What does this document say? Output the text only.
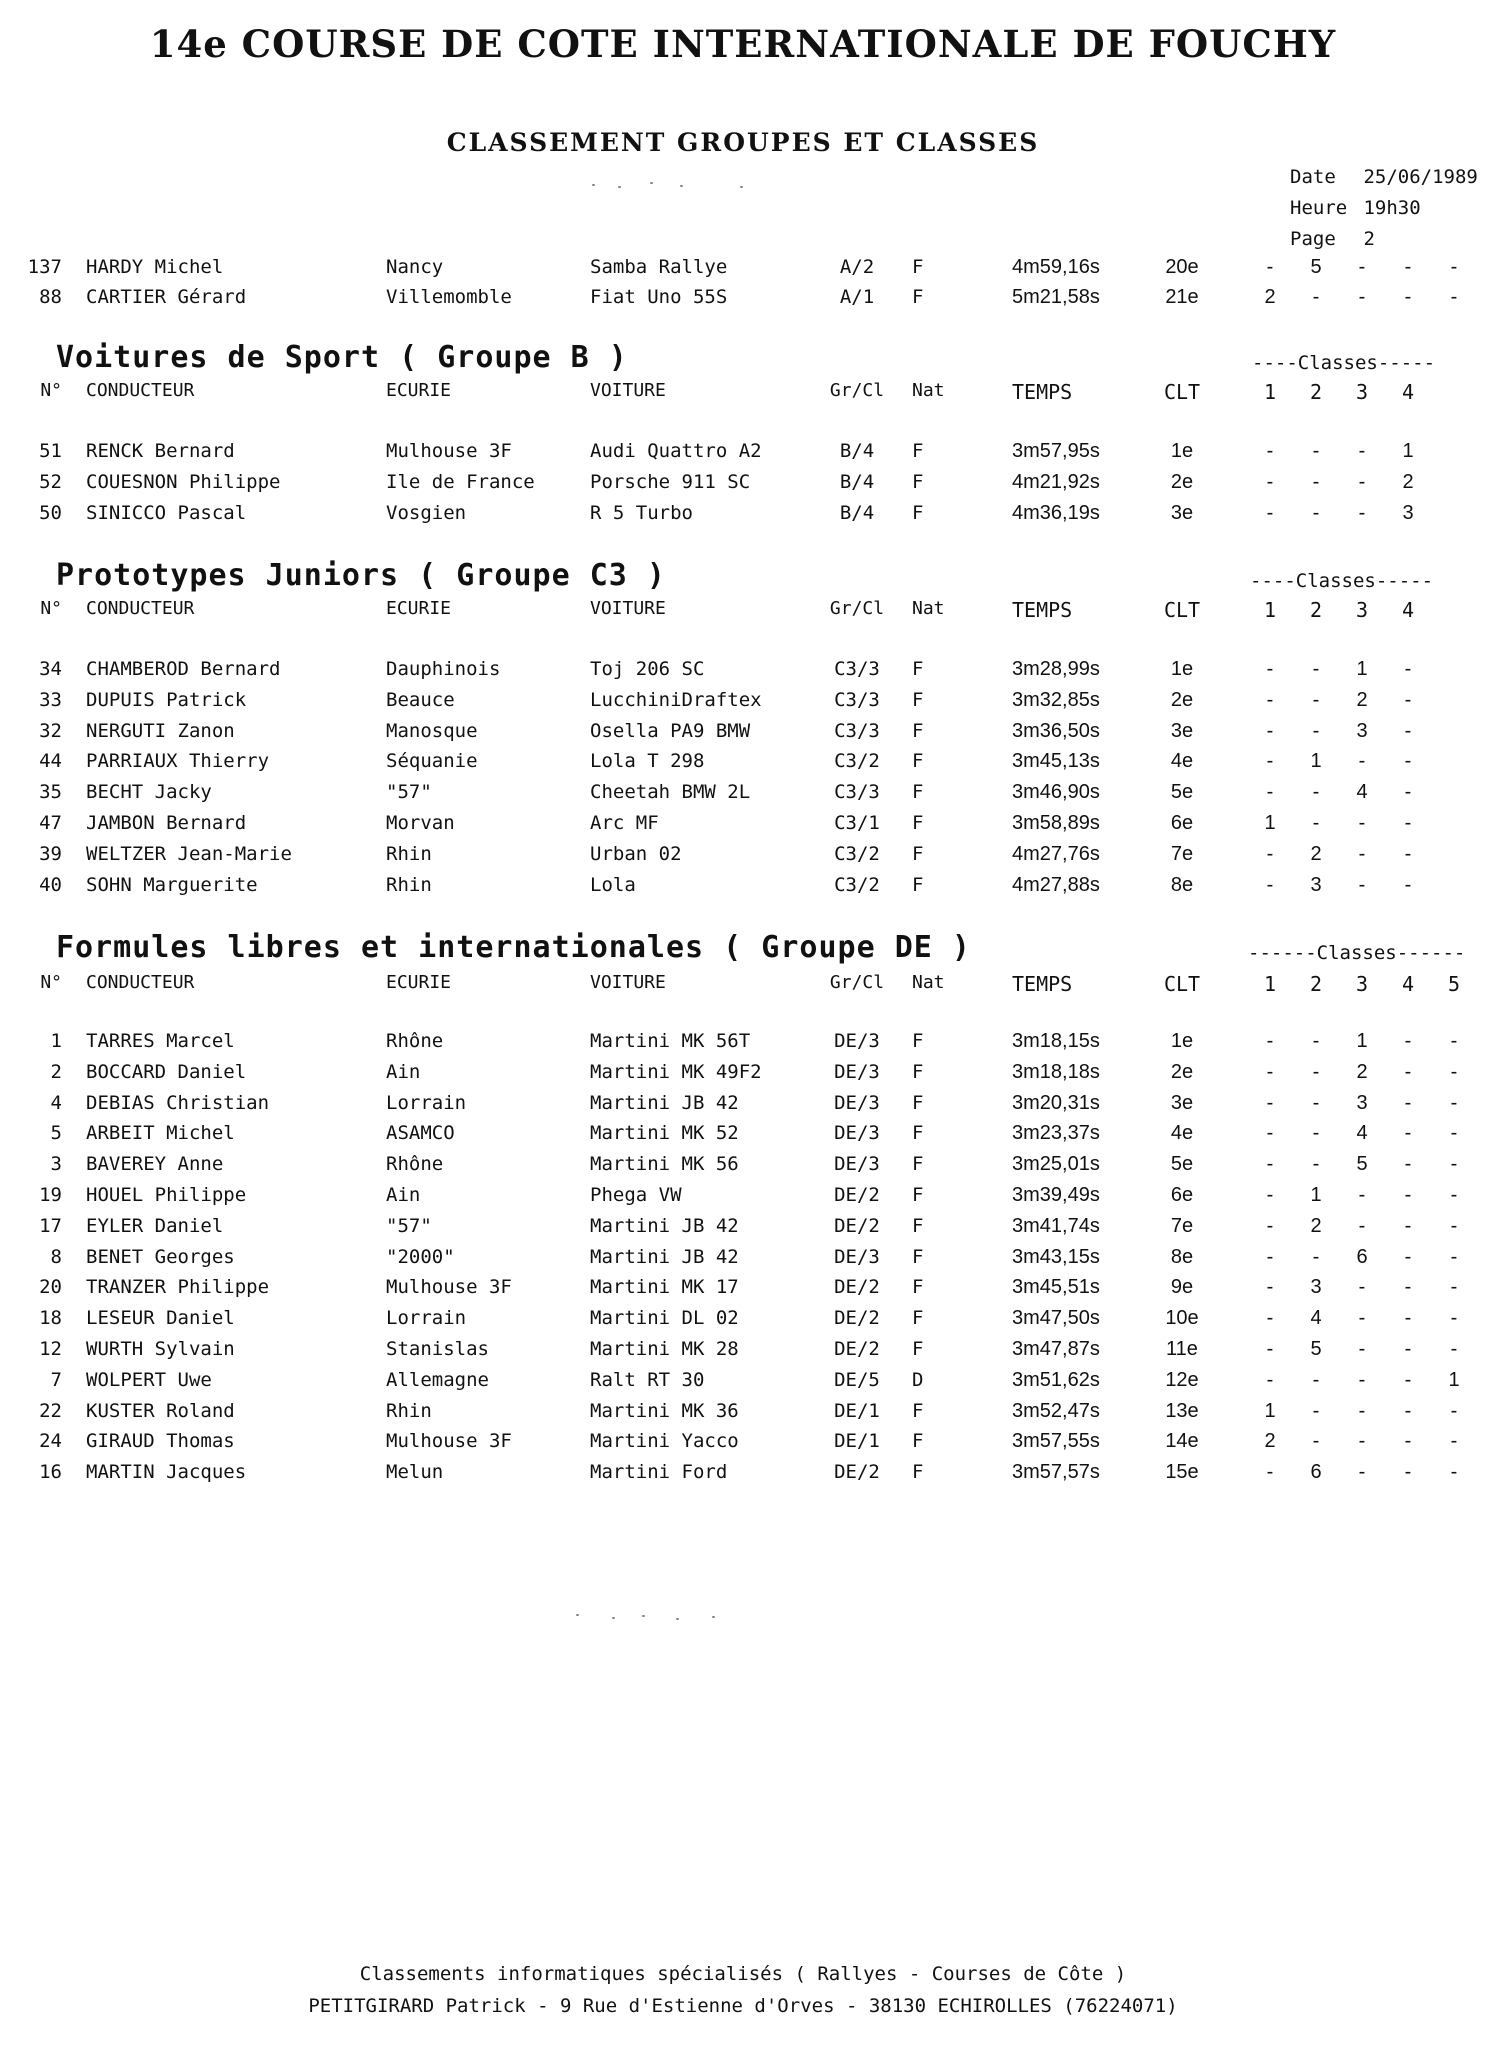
14e COURSE DE COTE INTERNATIONALE DE FOUCHY
CLASSEMENT GROUPES ET CLASSES
Date 25/06/1989
Heure 19h30
Page 2
137 HARDY Michel	Nancy	Samba Rallye	A/2	F	4m59,16s	20e	-	5	-	-	-
88 CARTIER Gérard	Villemomble	Fiat Uno 55S	A/1	F	5m21,58s	21e	2	-	-	-	-
Voitures de Sport ( Groupe B )	----Classes-----
N° CONDUCTEUR	ECURIE	VOITURE	Gr/Cl	Nat	TEMPS	CLT	1	2	3	4
51 RENCK Bernard	Mulhouse 3F	Audi Quattro A2	B/4	F	3m57,95s	1e	-	-	-	1
52 COUESNON Philippe	Ile de France	Porsche 911 SC	B/4	F	4m21,92s	2e	-	-	-	2
50 SINICCO Pascal	Vosgien	R 5 Turbo	B/4	F	4m36,19s	3e	-	-	-	3
Prototypes Juniors ( Groupe C3 )	----Classes-----
N° CONDUCTEUR	ECURIE	VOITURE	Gr/Cl	Nat	TEMPS	CLT	1	2	3	4
34 CHAMBEROD Bernard	Dauphinois	Toj 206 SC	C3/3	F	3m28,99s	1e	-	-	1	-
33 DUPUIS Patrick	Beauce	LucchiniDraftex	C3/3	F	3m32,85s	2e	-	-	2	-
32 NERGUTI Zanon	Manosque	Osella PA9 BMW	C3/3	F	3m36,50s	3e	-	-	3	-
44 PARRIAUX Thierry	Séquanie	Lola T 298	C3/2	F	3m45,13s	4e	-	1	-	-
35 BECHT Jacky	"57"	Cheetah BMW 2L	C3/3	F	3m46,90s	5e	-	-	4	-
47 JAMBON Bernard	Morvan	Arc MF	C3/1	F	3m58,89s	6e	1	-	-	-
39 WELTZER Jean-Marie	Rhin	Urban 02	C3/2	F	4m27,76s	7e	-	2	-	-
40 SOHN Marguerite	Rhin	Lola	C3/2	F	4m27,88s	8e	-	3	-	-
Formules libres et internationales ( Groupe DE )	------Classes------
N° CONDUCTEUR	ECURIE	VOITURE	Gr/Cl	Nat	TEMPS	CLT	1	2	3	4	5
1 TARRES Marcel	Rhône	Martini MK 56T	DE/3	F	3m18,15s	1e	-	-	1	-	-
2 BOCCARD Daniel	Ain	Martini MK 49F2	DE/3	F	3m18,18s	2e	-	-	2	-	-
4 DEBIAS Christian	Lorrain	Martini JB 42	DE/3	F	3m20,31s	3e	-	-	3	-	-
5 ARBEIT Michel	ASAMCO	Martini MK 52	DE/3	F	3m23,37s	4e	-	-	4	-	-
3 BAVEREY Anne	Rhône	Martini MK 56	DE/3	F	3m25,01s	5e	-	-	5	-	-
19 HOUEL Philippe	Ain	Phega VW	DE/2	F	3m39,49s	6e	-	1	-	-	-
17 EYLER Daniel	"57"	Martini JB 42	DE/2	F	3m41,74s	7e	-	2	-	-	-
8 BENET Georges	"2000"	Martini JB 42	DE/3	F	3m43,15s	8e	-	-	6	-	-
20 TRANZER Philippe	Mulhouse 3F	Martini MK 17	DE/2	F	3m45,51s	9e	-	3	-	-	-
18 LESEUR Daniel	Lorrain	Martini DL 02	DE/2	F	3m47,50s	10e	-	4	-	-	-
12 WURTH Sylvain	Stanislas	Martini MK 28	DE/2	F	3m47,87s	11e	-	5	-	-	-
7 WOLPERT Uwe	Allemagne	Ralt RT 30	DE/5	D	3m51,62s	12e	-	-	-	-	1
22 KUSTER Roland	Rhin	Martini MK 36	DE/1	F	3m52,47s	13e	1	-	-	-	-
24 GIRAUD Thomas	Mulhouse 3F	Martini Yacco	DE/1	F	3m57,55s	14e	2	-	-	-	-
16 MARTIN Jacques	Melun	Martini Ford	DE/2	F	3m57,57s	15e	-	6	-	-	-
Classements informatiques spécialisés ( Rallyes - Courses de Côte )
PETITGIRARD Patrick - 9 Rue d'Estienne d'Orves - 38130 ECHIROLLES (76224071)
